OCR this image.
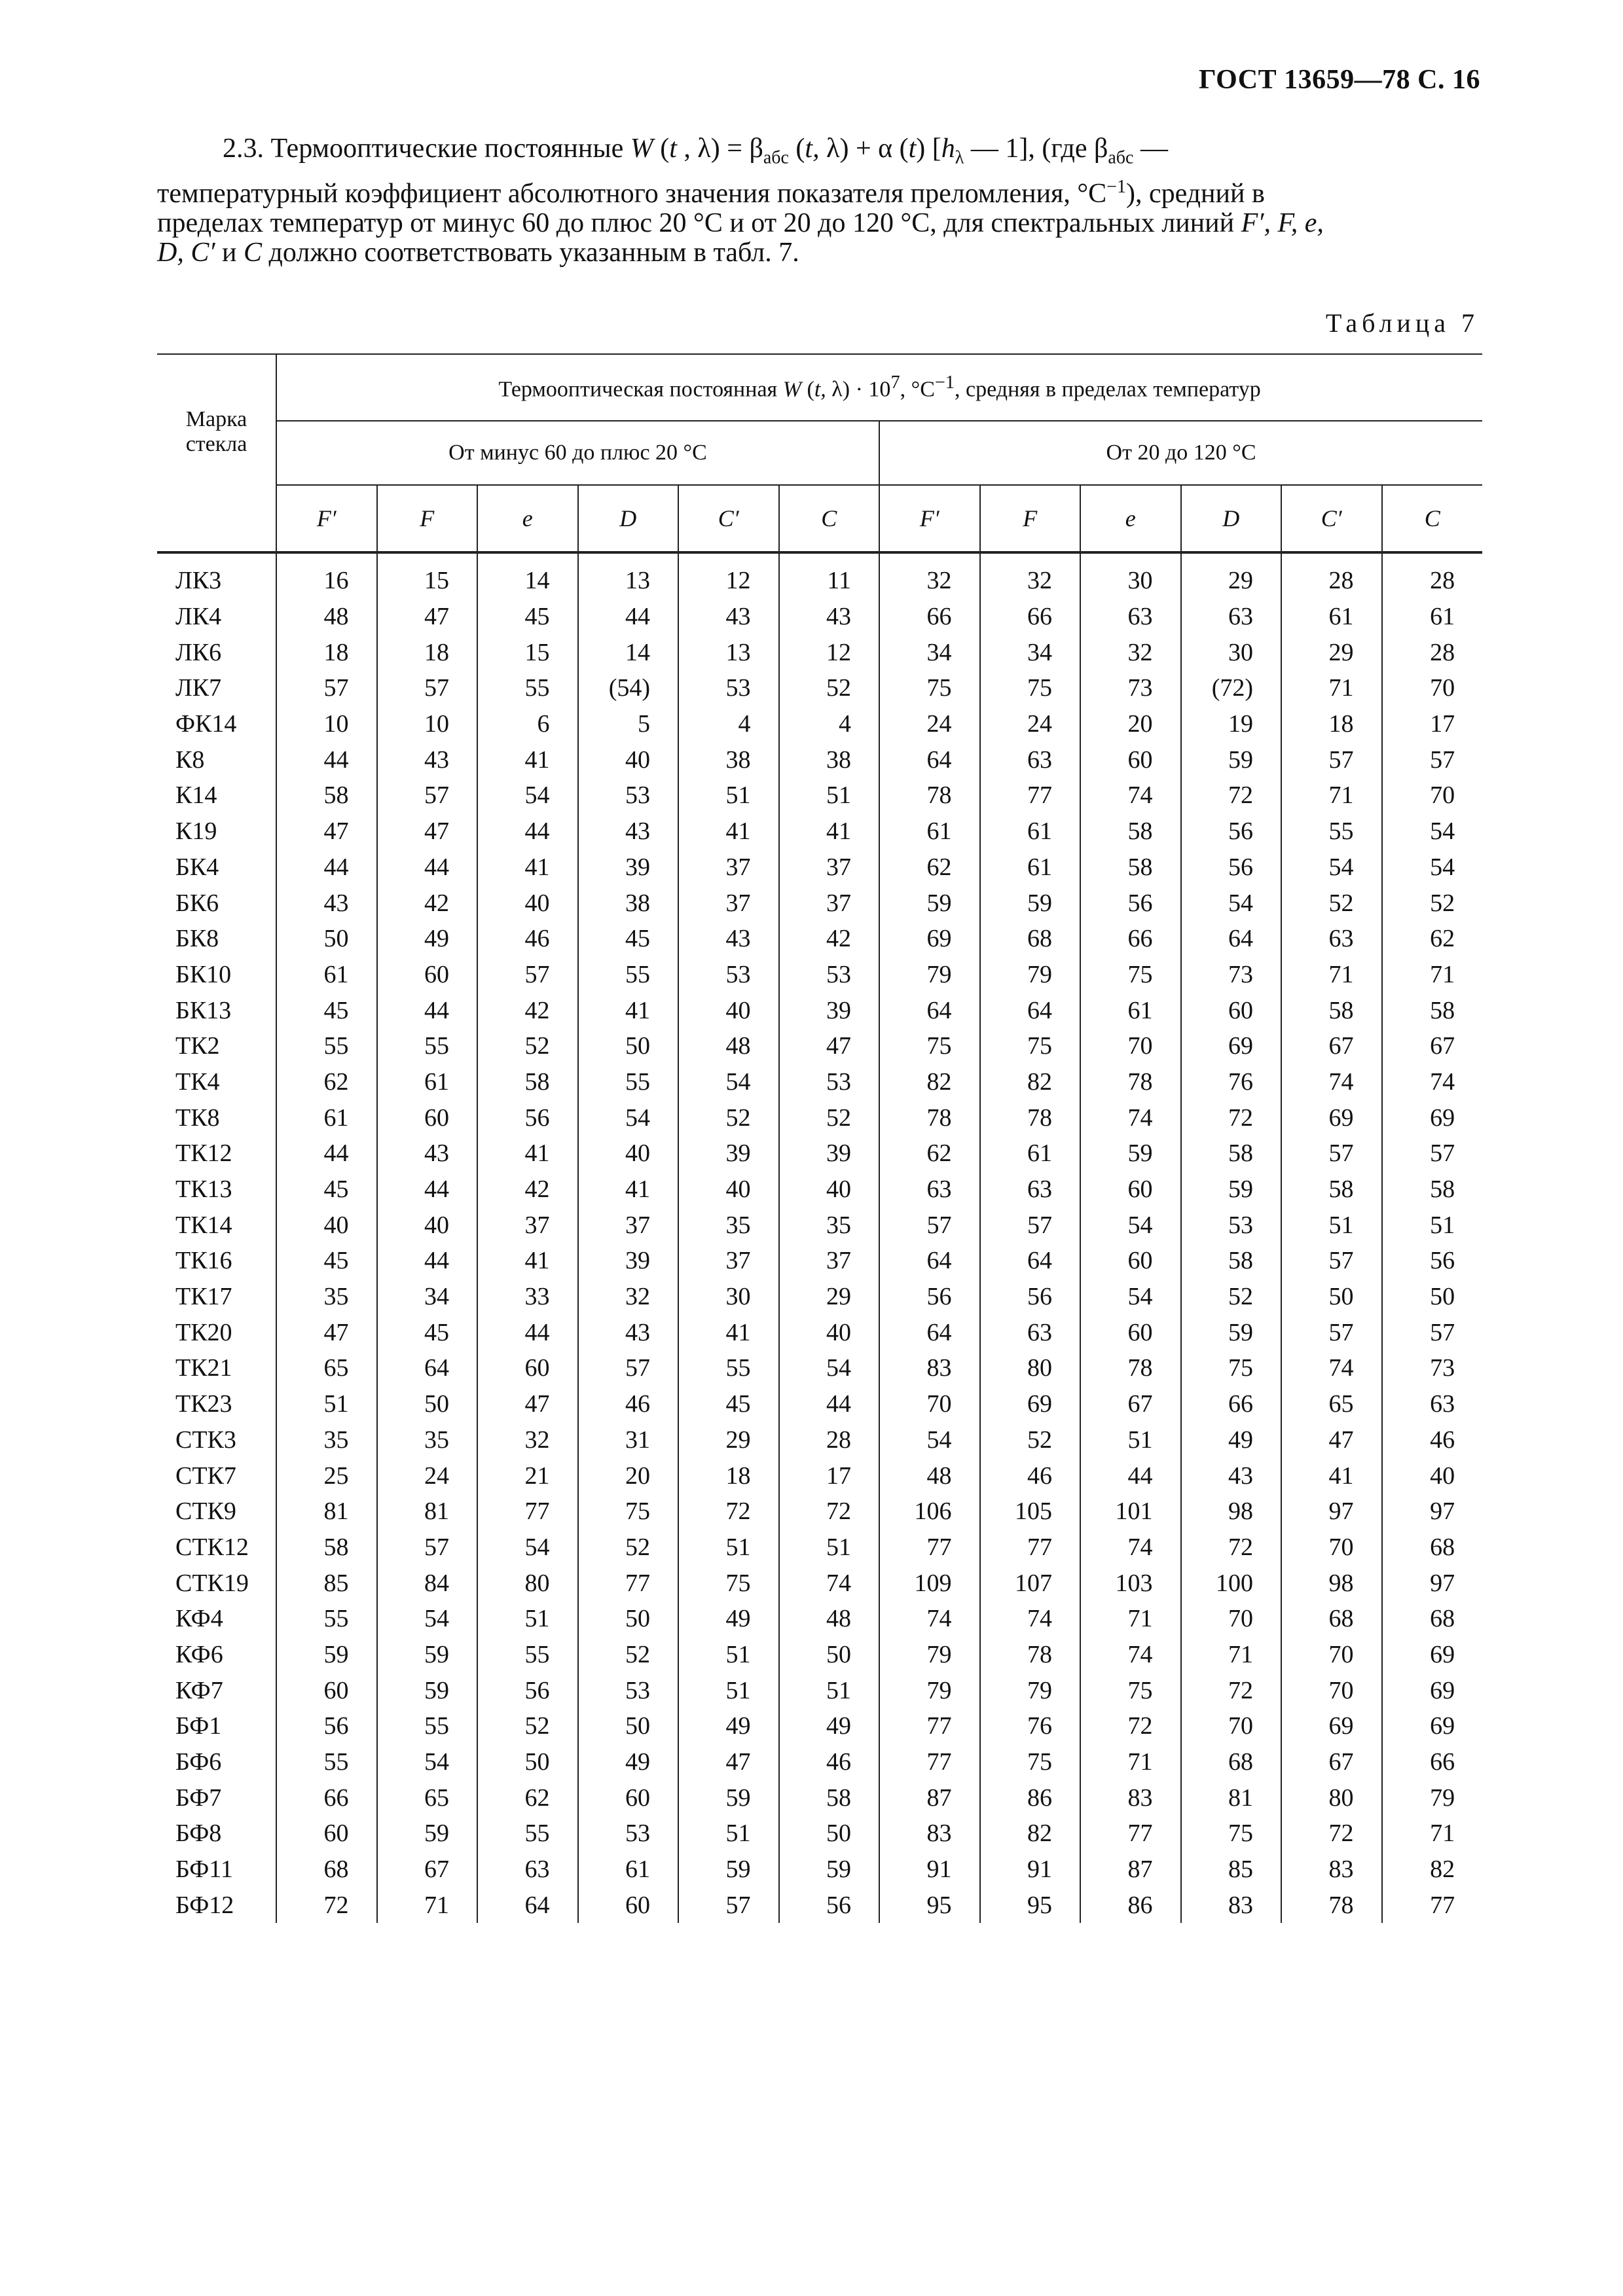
ГОСТ 13659—78 С. 16

2.3. Термооптические постоянные W (t , $\lambda) = \beta_{абс}$ (t, λ) + α (t) [$h_\lambda$ — 1], (где $\beta_{абс}$ —

температурный коэффициент абсолютного значения показателя преломления, $^\circ С^{-1}$), средний в

пределах температур от минус 60 до плюс 20 °С и от 20 до 120 °С, для спектральных линий F′, F, e,

D, C′ и C должно соответствовать указанным в табл. 7.

Таблица 7
Марка
стекла	Термооптическая постоянная W (t, $\lambda) \cdot 10^7$, $^\circ С^{-1}$, средняя в пределах температур											
	От минус 60 до плюс 20 °С						От 20 до 120 °С					
	F′	F	e	D	C′	C	F′	F	e	D	C′	C
ЛК3	16	15	14	13	12	11	32	32	30	29	28	28
ЛК4	48	47	45	44	43	43	66	66	63	63	61	61
ЛК6	18	18	15	14	13	12	34	34	32	30	29	28
ЛК7	57	57	55	(54)	53	52	75	75	73	(72)	71	70
ФК14	10	10	6	5	4	4	24	24	20	19	18	17
К8	44	43	41	40	38	38	64	63	60	59	57	57
К14	58	57	54	53	51	51	78	77	74	72	71	70
К19	47	47	44	43	41	41	61	61	58	56	55	54
БК4	44	44	41	39	37	37	62	61	58	56	54	54
БК6	43	42	40	38	37	37	59	59	56	54	52	52
БК8	50	49	46	45	43	42	69	68	66	64	63	62
БК10	61	60	57	55	53	53	79	79	75	73	71	71
БК13	45	44	42	41	40	39	64	64	61	60	58	58
ТК2	55	55	52	50	48	47	75	75	70	69	67	67
ТК4	62	61	58	55	54	53	82	82	78	76	74	74
ТК8	61	60	56	54	52	52	78	78	74	72	69	69
ТК12	44	43	41	40	39	39	62	61	59	58	57	57
ТК13	45	44	42	41	40	40	63	63	60	59	58	58
ТК14	40	40	37	37	35	35	57	57	54	53	51	51
ТК16	45	44	41	39	37	37	64	64	60	58	57	56
ТК17	35	34	33	32	30	29	56	56	54	52	50	50
ТК20	47	45	44	43	41	40	64	63	60	59	57	57
ТК21	65	64	60	57	55	54	83	80	78	75	74	73
ТК23	51	50	47	46	45	44	70	69	67	66	65	63
СТК3	35	35	32	31	29	28	54	52	51	49	47	46
СТК7	25	24	21	20	18	17	48	46	44	43	41	40
СТК9	81	81	77	75	72	72	106	105	101	98	97	97
СТК12	58	57	54	52	51	51	77	77	74	72	70	68
СТК19	85	84	80	77	75	74	109	107	103	100	98	97
КФ4	55	54	51	50	49	48	74	74	71	70	68	68
КФ6	59	59	55	52	51	50	79	78	74	71	70	69
КФ7	60	59	56	53	51	51	79	79	75	72	70	69
БФ1	56	55	52	50	49	49	77	76	72	70	69	69
БФ6	55	54	50	49	47	46	77	75	71	68	67	66
БФ7	66	65	62	60	59	58	87	86	83	81	80	79
БФ8	60	59	55	53	51	50	83	82	77	75	72	71
БФ11	68	67	63	61	59	59	91	91	87	85	83	82
БФ12	72	71	64	60	57	56	95	95	86	83	78	77
